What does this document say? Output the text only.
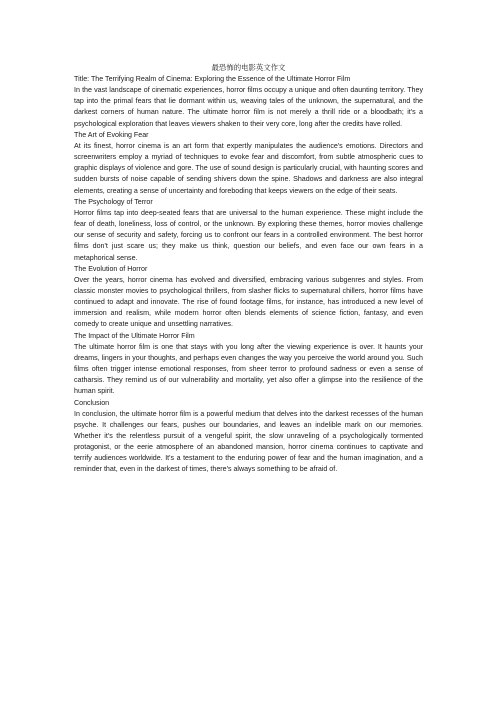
最恐怖的电影英文作文

Title: The Terrifying Realm of Cinema: Exploring the Essence of the Ultimate Horror Film

In the vast landscape of cinematic experiences, horror films occupy a unique and often daunting territory. They tap into the primal fears that lie dormant within us, weaving tales of the unknown, the supernatural, and the darkest corners of human nature. The ultimate horror film is not merely a thrill ride or a bloodbath; it's a psychological exploration that leaves viewers shaken to their very core, long after the credits have rolled.

The Art of Evoking Fear

At its finest, horror cinema is an art form that expertly manipulates the audience's emotions. Directors and screenwriters employ a myriad of techniques to evoke fear and discomfort, from subtle atmospheric cues to graphic displays of violence and gore. The use of sound design is particularly crucial, with haunting scores and sudden bursts of noise capable of sending shivers down the spine. Shadows and darkness are also integral elements, creating a sense of uncertainty and foreboding that keeps viewers on the edge of their seats.

The Psychology of Terror

Horror films tap into deep-seated fears that are universal to the human experience. These might include the fear of death, loneliness, loss of control, or the unknown. By exploring these themes, horror movies challenge our sense of security and safety, forcing us to confront our fears in a controlled environment. The best horror films don't just scare us; they make us think, question our beliefs, and even face our own fears in a metaphorical sense.

The Evolution of Horror

Over the years, horror cinema has evolved and diversified, embracing various subgenres and styles. From classic monster movies to psychological thrillers, from slasher flicks to supernatural chillers, horror films have continued to adapt and innovate. The rise of found footage films, for instance, has introduced a new level of immersion and realism, while modern horror often blends elements of science fiction, fantasy, and even comedy to create unique and unsettling narratives.

The Impact of the Ultimate Horror Film

The ultimate horror film is one that stays with you long after the viewing experience is over. It haunts your dreams, lingers in your thoughts, and perhaps even changes the way you perceive the world around you. Such films often trigger intense emotional responses, from sheer terror to profound sadness or even a sense of catharsis. They remind us of our vulnerability and mortality, yet also offer a glimpse into the resilience of the human spirit.

Conclusion

In conclusion, the ultimate horror film is a powerful medium that delves into the darkest recesses of the human psyche. It challenges our fears, pushes our boundaries, and leaves an indelible mark on our memories. Whether it's the relentless pursuit of a vengeful spirit, the slow unraveling of a psychologically tormented protagonist, or the eerie atmosphere of an abandoned mansion, horror cinema continues to captivate and terrify audiences worldwide. It's a testament to the enduring power of fear and the human imagination, and a reminder that, even in the darkest of times, there's always something to be afraid of.
